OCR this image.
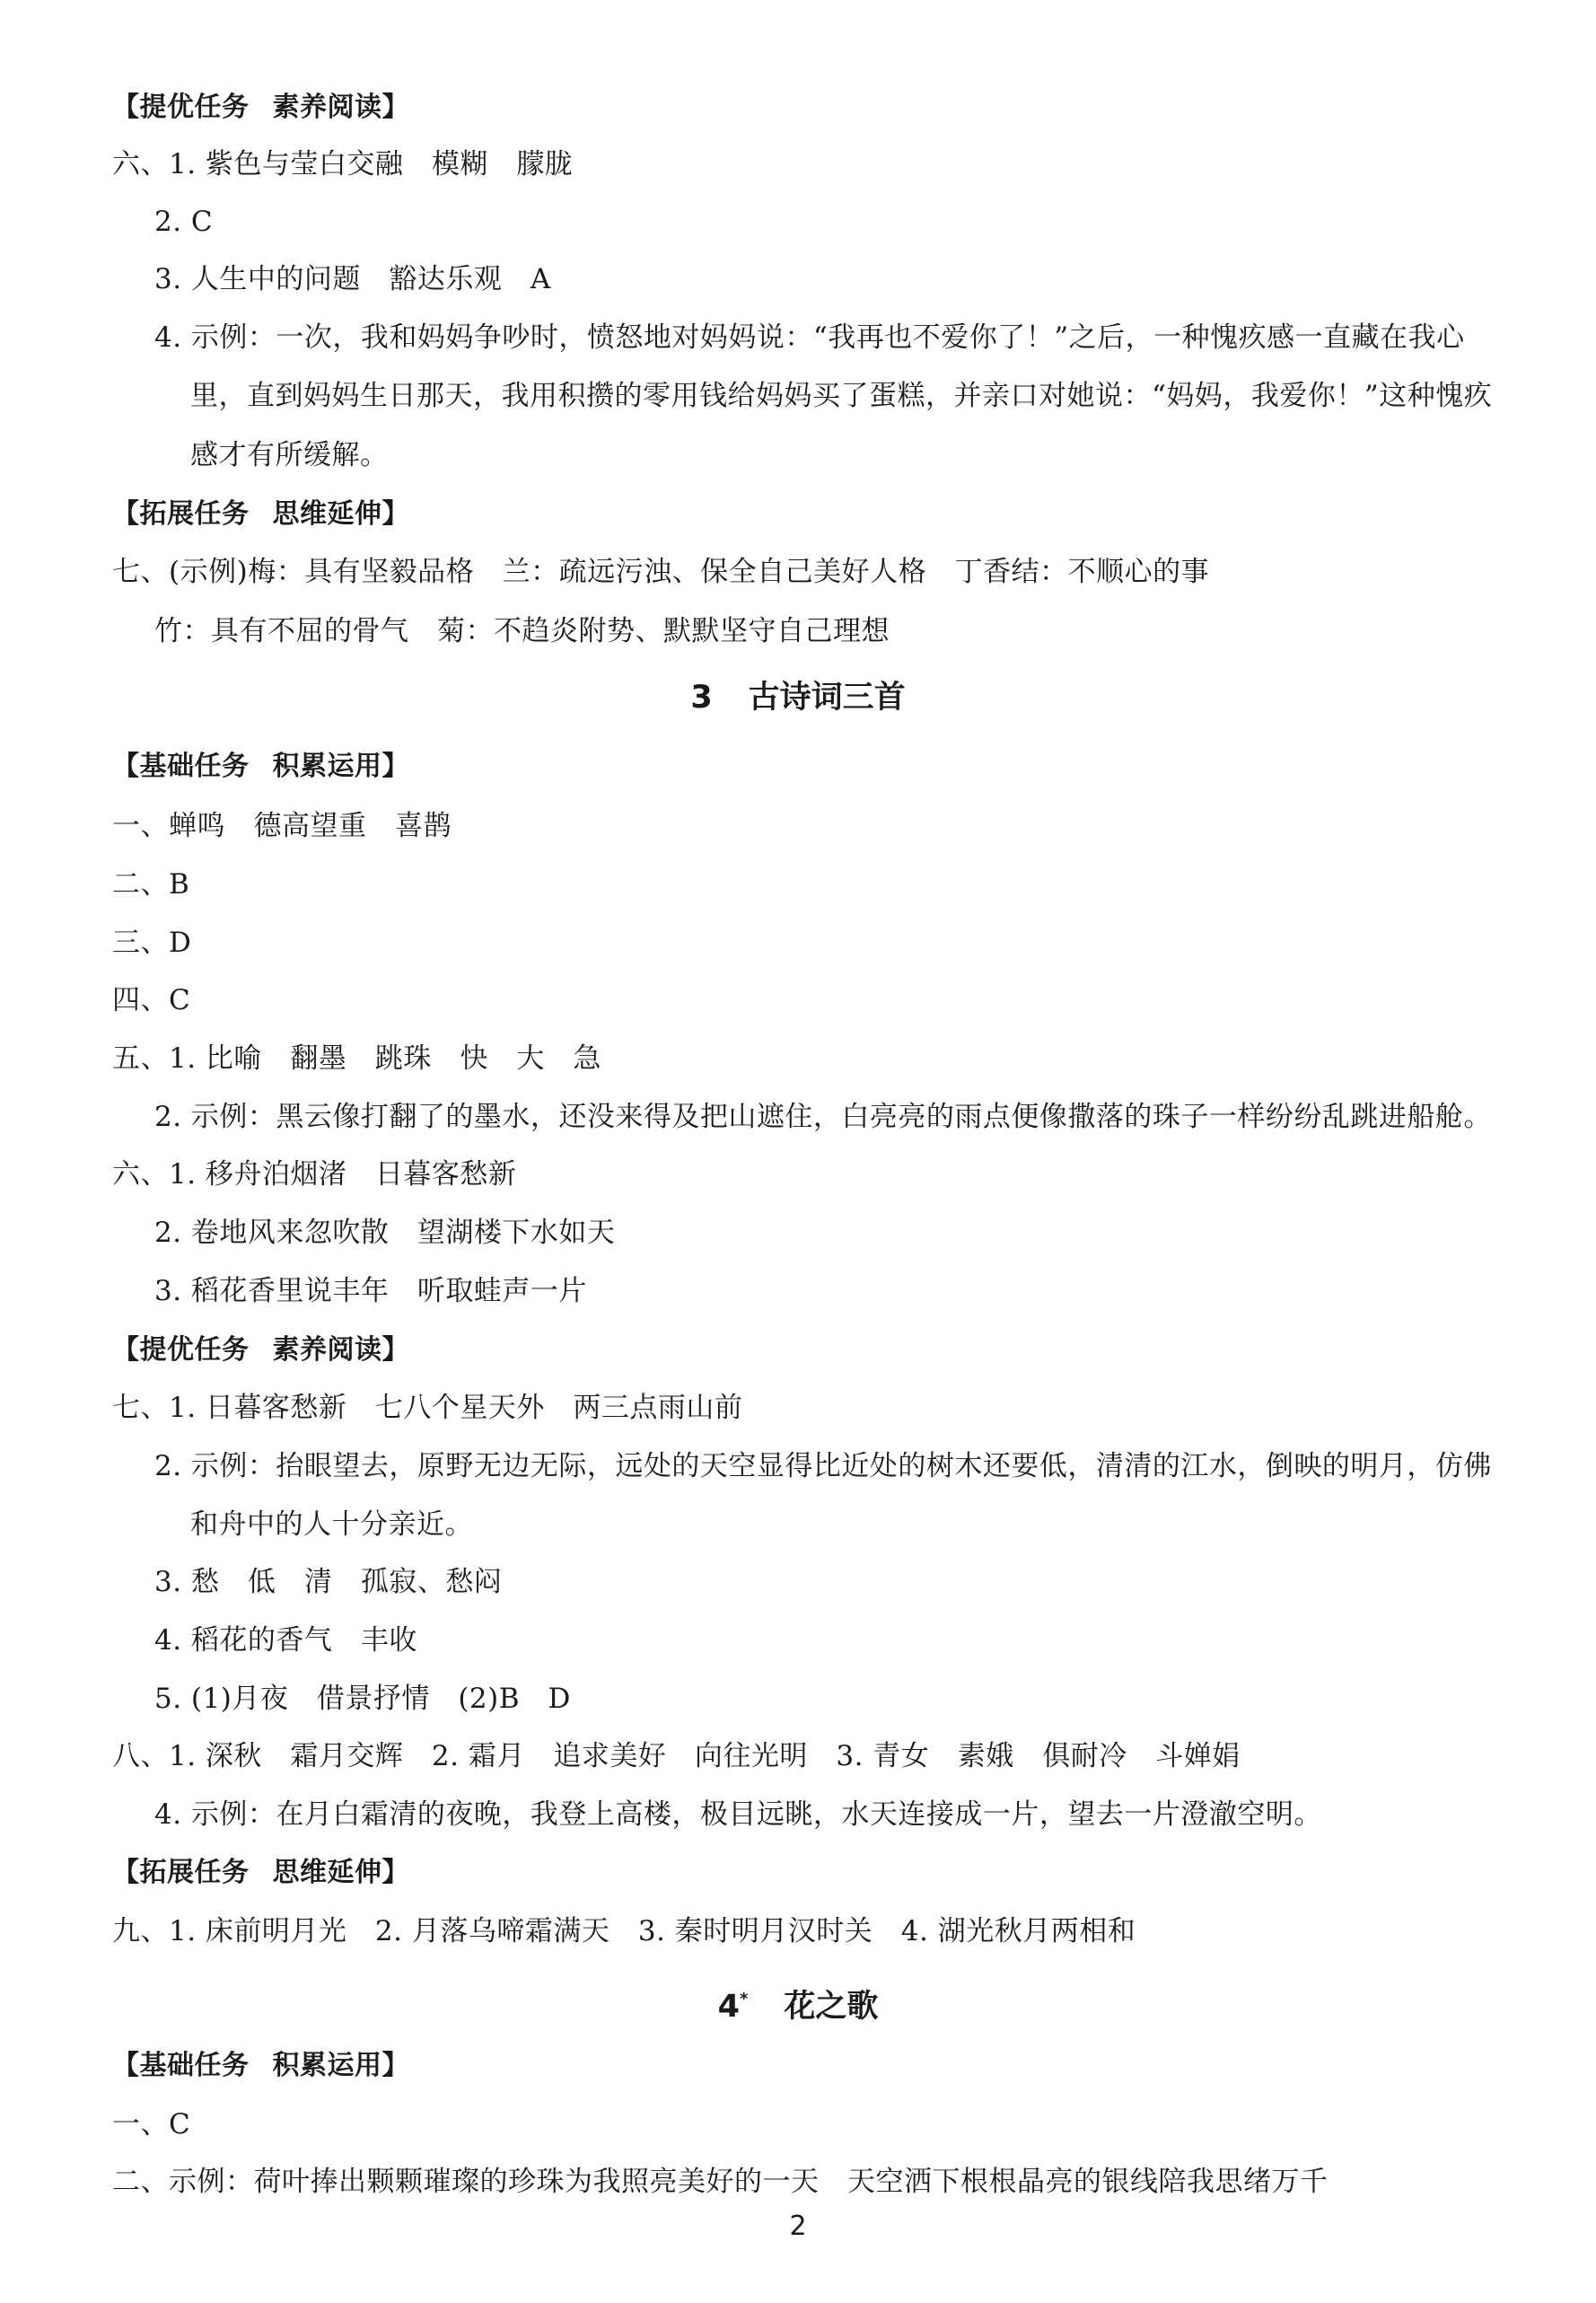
【提优任务 素养阅读】
六、1. 紫色与莹白交融　模糊　朦胧
2. C
3. 人生中的问题　豁达乐观　A
4. 示例：一次，我和妈妈争吵时，愤怒地对妈妈说：“我再也不爱你了！”之后，一种愧疚感一直藏在我心
里，直到妈妈生日那天，我用积攒的零用钱给妈妈买了蛋糕，并亲口对她说：“妈妈，我爱你！”这种愧疚
感才有所缓解。
【拓展任务 思维延伸】
七、(示例)梅：具有坚毅品格　兰：疏远污浊、保全自己美好人格　丁香结：不顺心的事
竹：具有不屈的骨气　菊：不趋炎附势、默默坚守自己理想
3 古诗词三首
【基础任务 积累运用】
一、蝉鸣　德高望重　喜鹊
二、B
三、D
四、C
五、1. 比喻　翻墨　跳珠　快　大　急
2. 示例：黑云像打翻了的墨水，还没来得及把山遮住，白亮亮的雨点便像撒落的珠子一样纷纷乱跳进船舱。
六、1. 移舟泊烟渚　日暮客愁新
2. 卷地风来忽吹散　望湖楼下水如天
3. 稻花香里说丰年　听取蛙声一片
【提优任务 素养阅读】
七、1. 日暮客愁新　七八个星天外　两三点雨山前
2. 示例：抬眼望去，原野无边无际，远处的天空显得比近处的树木还要低，清清的江水，倒映的明月，仿佛
和舟中的人十分亲近。
3. 愁　低　清　孤寂、愁闷
4. 稻花的香气　丰收
5. (1)月夜　借景抒情　(2)B　D
八、1. 深秋　霜月交辉　2. 霜月　追求美好　向往光明　3. 青女　素娥　俱耐冷　斗婵娟
4. 示例：在月白霜清的夜晚，我登上高楼，极目远眺，水天连接成一片，望去一片澄澈空明。
【拓展任务 思维延伸】
九、1. 床前明月光　2. 月落乌啼霜满天　3. 秦时明月汉时关　4. 湖光秋月两相和
4* 花之歌
【基础任务 积累运用】
一、C
二、示例：荷叶捧出颗颗璀璨的珍珠为我照亮美好的一天　天空洒下根根晶亮的银线陪我思绪万千
2
